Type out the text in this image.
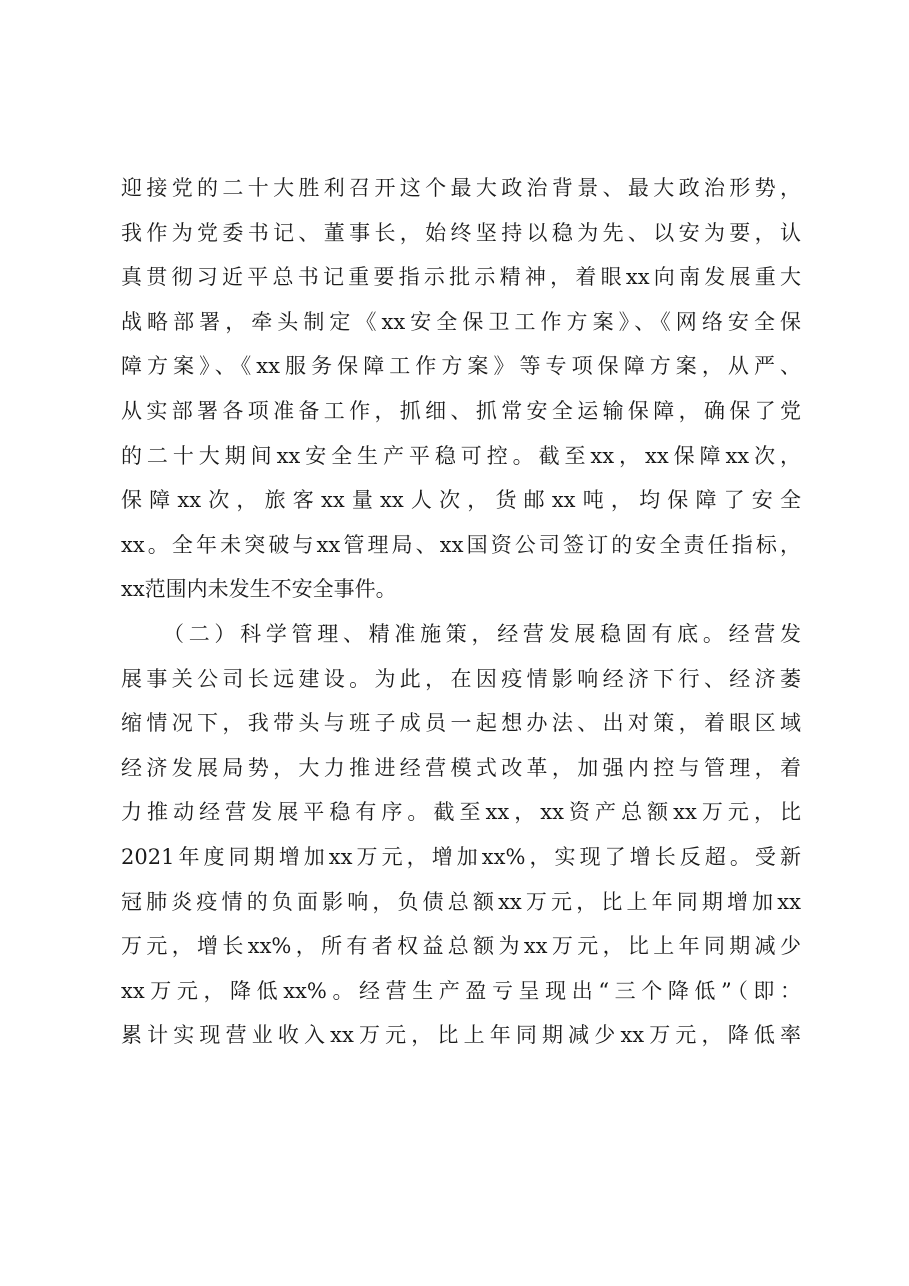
迎接党的二十大胜利召开这个最大政治背景、最大政治形势，
我作为党委书记、董事长，始终坚持以稳为先、以安为要，认
真贯彻习近平总书记重要指示批示精神，着眼xx向南发展重大
战略部署，牵头制定《xx安全保卫工作方案》、《网络安全保
障方案》、《xx服务保障工作方案》等专项保障方案，从严、
从实部署各项准备工作，抓细、抓常安全运输保障，确保了党
的二十大期间xx安全生产平稳可控。截至xx，xx保障xx次，
保障xx次，旅客xx量xx人次，货邮xx吨，均保障了安全
xx。全年未突破与xx管理局、xx国资公司签订的安全责任指标，
xx范围内未发生不安全事件。
（二）科学管理、精准施策，经营发展稳固有底。经营发
展事关公司长远建设。为此，在因疫情影响经济下行、经济萎
缩情况下，我带头与班子成员一起想办法、出对策，着眼区域
经济发展局势，大力推进经营模式改革，加强内控与管理，着
力推动经营发展平稳有序。截至xx，xx资产总额xx万元，比
2021年度同期增加xx万元，增加xx%，实现了增长反超。受新
冠肺炎疫情的负面影响，负债总额xx万元，比上年同期增加xx
万元，增长xx%，所有者权益总额为xx万元，比上年同期减少
xx万元，降低xx%。经营生产盈亏呈现出“三个降低”（即：
累计实现营业收入xx万元，比上年同期减少xx万元，降低率
